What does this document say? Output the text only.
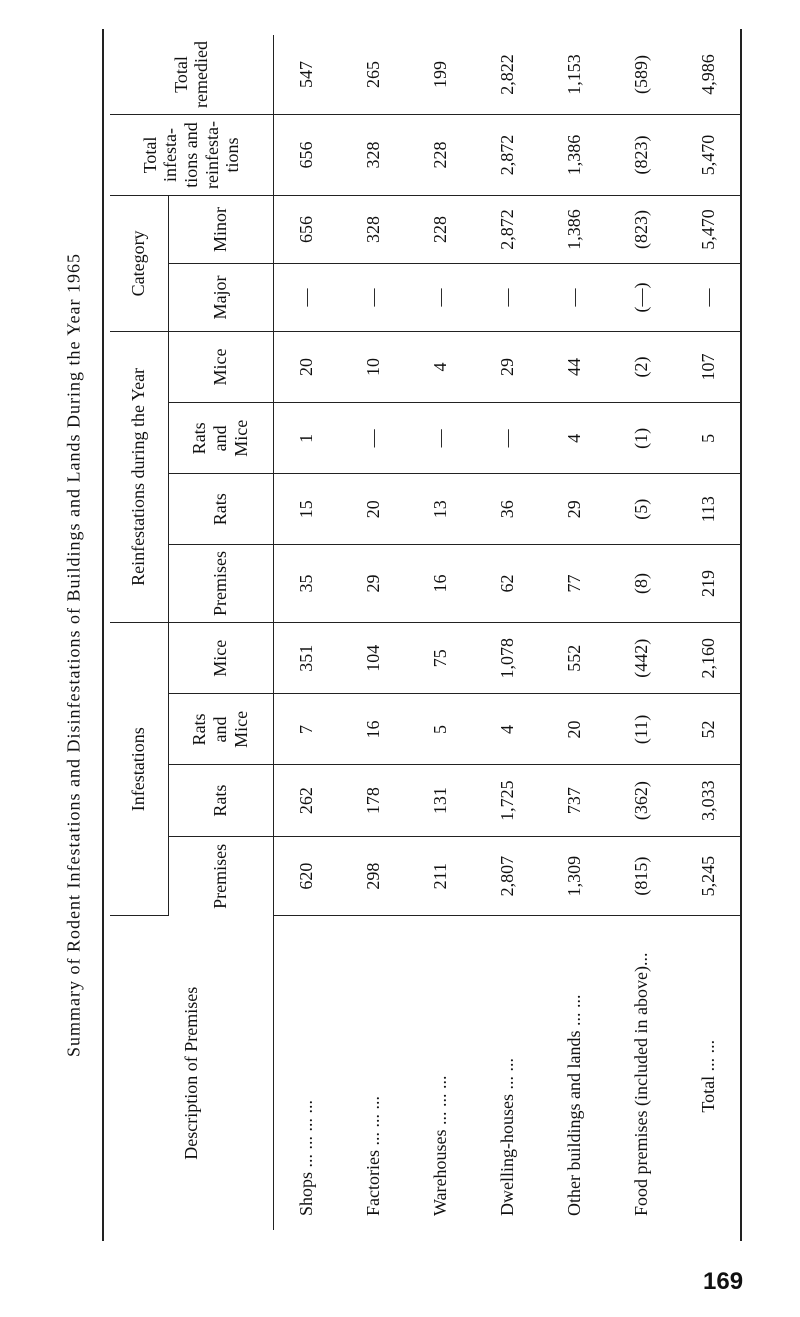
Summary of Rodent Infestations and Disinfestations of Buildings and Lands During the Year 1965
Description of Premises	Infestations				Reinfestations during the Year				Category		Total infesta-tions and reinfesta-tions	Total remedied
	Premises	Rats	Rats and Mice	Mice	Premises	Rats	Rats and Mice	Mice	Major	Minor		
Shops ... ... ... ...	620	262	7	351	35	15	1	20	—	656	656	547
Factories ... ... ...	298	178	16	104	29	20	—	10	—	328	328	265
Warehouses ... ... ...	211	131	5	75	16	13	—	4	—	228	228	199
Dwelling-houses ... ...	2,807	1,725	4	1,078	62	36	—	29	—	2,872	2,872	2,822
Other buildings and lands ... ...	1,309	737	20	552	77	29	4	44	—	1,386	1,386	1,153
Food premises (included in above)...	(815)	(362)	(11)	(442)	(8)	(5)	(1)	(2)	(—)	(823)	(823)	(589)
Total ... ...	5,245	3,033	52	2,160	219	113	5	107	—	5,470	5,470	4,986
169
